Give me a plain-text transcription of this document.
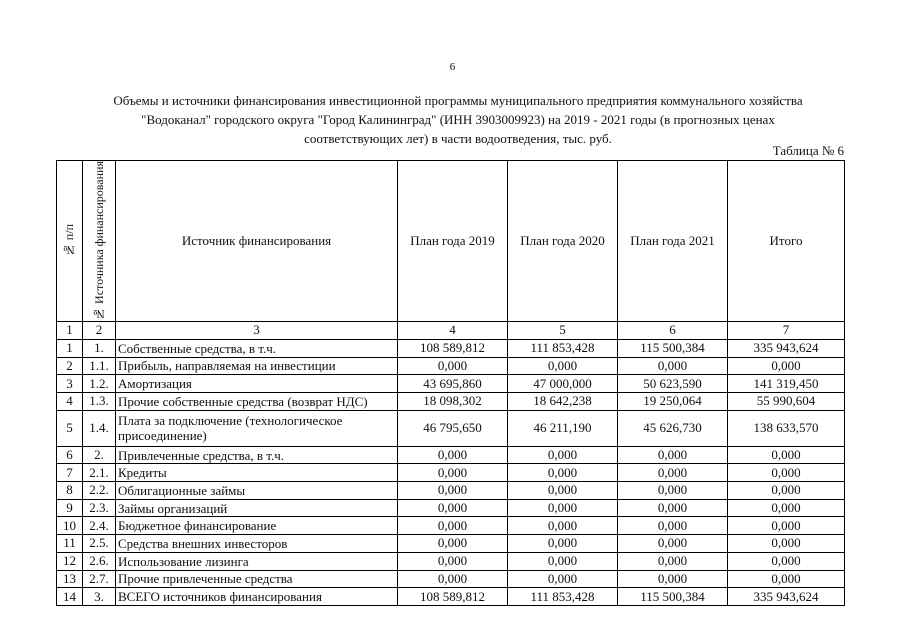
6
Объемы и источники финансирования инвестиционной программы муниципального предприятия коммунального хозяйства
"Водоканал" городского округа "Город Калининград" (ИНН 3903009923) на 2019 - 2021 годы (в прогнозных ценах
соответствующих лет) в части водоотведения, тыс. руб.
Таблица № 6
№ п/п	№ Источника финансирования	Источник финансирования	План года 2019	План года 2020	План года 2021	Итого
1	2	3	4	5	6	7
1	1.	Собственные средства, в т.ч.	108 589,812	111 853,428	115 500,384	335 943,624
2	1.1.	Прибыль, направляемая на инвестиции	0,000	0,000	0,000	0,000
3	1.2.	Амортизация	43 695,860	47 000,000	50 623,590	141 319,450
4	1.3.	Прочие собственные средства (возврат НДС)	18 098,302	18 642,238	19 250,064	55 990,604
5	1.4.	Плата за подключение (технологическое присоединение)	46 795,650	46 211,190	45 626,730	138 633,570
6	2.	Привлеченные средства, в т.ч.	0,000	0,000	0,000	0,000
7	2.1.	Кредиты	0,000	0,000	0,000	0,000
8	2.2.	Облигационные займы	0,000	0,000	0,000	0,000
9	2.3.	Займы организаций	0,000	0,000	0,000	0,000
10	2.4.	Бюджетное финансирование	0,000	0,000	0,000	0,000
11	2.5.	Средства внешних инвесторов	0,000	0,000	0,000	0,000
12	2.6.	Использование лизинга	0,000	0,000	0,000	0,000
13	2.7.	Прочие привлеченные средства	0,000	0,000	0,000	0,000
14	3.	ВСЕГО источников финансирования	108 589,812	111 853,428	115 500,384	335 943,624
